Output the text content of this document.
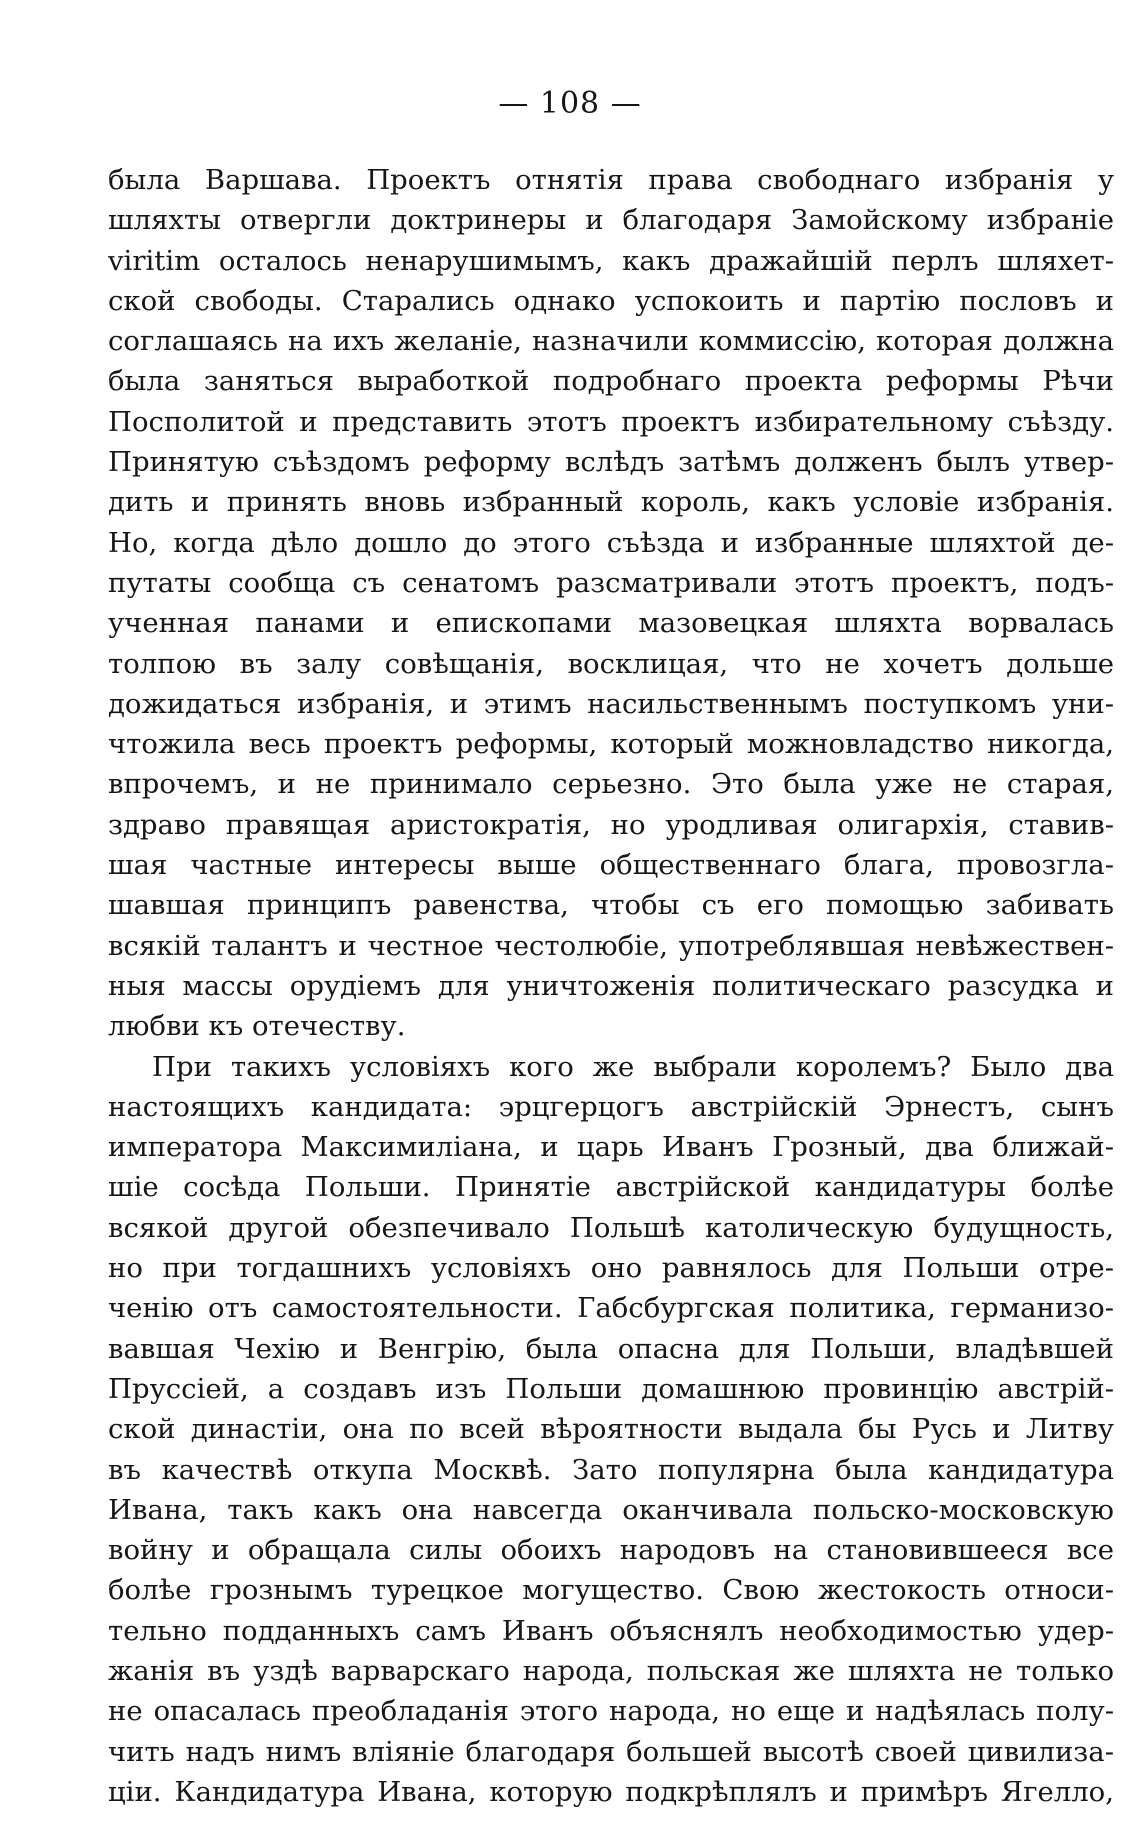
— 108 —
была Варшава. Проектъ отнятія права свободнаго избранія у
шляхты отвергли доктринеры и благодаря Замойскому избраніе
viritim осталось ненарушимымъ, какъ дражайшій перлъ шляхет-
ской свободы. Старались однако успокоить и партію пословъ и
соглашаясь на ихъ желаніе, назначили коммиссію, которая должна
была заняться выработкой подробнаго проекта реформы Рѣчи
Посполитой и представить этотъ проектъ избирательному съѣзду.
Принятую съѣздомъ реформу вслѣдъ затѣмъ долженъ былъ утвер-
дить и принять вновь избранный король, какъ условіе избранія.
Но, когда дѣло дошло до этого съѣзда и избранные шляхтой де-
путаты сообща съ сенатомъ разсматривали этотъ проектъ, подъ-
ученная панами и епископами мазовецкая шляхта ворвалась
толпою въ залу совѣщанія, восклицая, что не хочетъ дольше
дожидаться избранія, и этимъ насильственнымъ поступкомъ уни-
чтожила весь проектъ реформы, который можновладство никогда,
впрочемъ, и не принимало серьезно. Это была уже не старая,
здраво правящая аристократія, но уродливая олигархія, ставив-
шая частные интересы выше общественнаго блага, провозгла-
шавшая принципъ равенства, чтобы съ его помощью забивать
всякій талантъ и честное честолюбіе, употреблявшая невѣжествен-
ныя массы орудіемъ для уничтоженія политическаго разсудка и
любви къ отечеству.
При такихъ условіяхъ кого же выбрали королемъ? Было два
настоящихъ кандидата: эрцгерцогъ австрійскій Эрнестъ, сынъ
императора Максимиліана, и царь Иванъ Грозный, два ближай-
шіе сосѣда Польши. Принятіе австрійской кандидатуры болѣе
всякой другой обезпечивало Польшѣ католическую будущность,
но при тогдашнихъ условіяхъ оно равнялось для Польши отре-
ченію отъ самостоятельности. Габсбургская политика, германизо-
вавшая Чехію и Венгрію, была опасна для Польши, владѣвшей
Пруссіей, а создавъ изъ Польши домашнюю провинцію австрій-
ской династіи, она по всей вѣроятности выдала бы Русь и Литву
въ качествѣ откупа Москвѣ. Зато популярна была кандидатура
Ивана, такъ какъ она навсегда оканчивала польско-московскую
войну и обращала силы обоихъ народовъ на становившееся все
болѣе грознымъ турецкое могущество. Свою жестокость относи-
тельно подданныхъ самъ Иванъ объяснялъ необходимостью удер-
жанія въ уздѣ варварскаго народа, польская же шляхта не только
не опасалась преобладанія этого народа, но еще и надѣялась полу-
чить надъ нимъ вліяніе благодаря большей высотѣ своей цивилиза-
ціи. Кандидатура Ивана, которую подкрѣплялъ и примѣръ Ягелло,
